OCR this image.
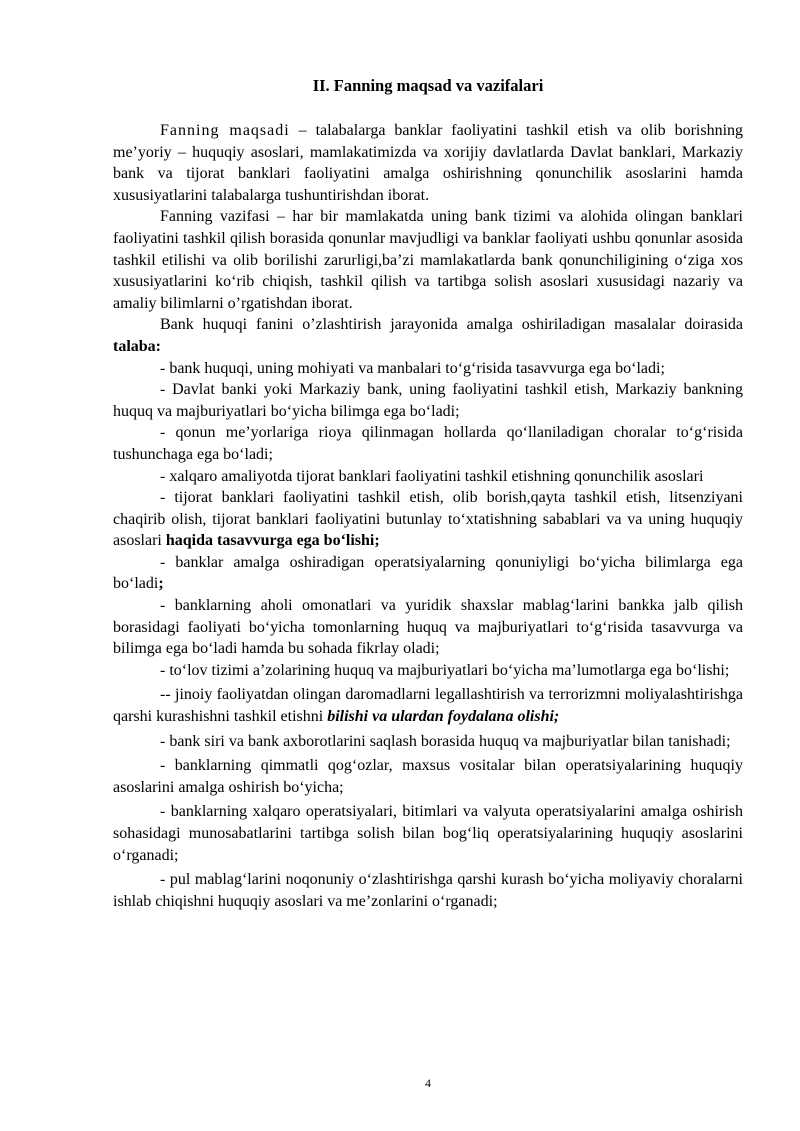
II. Fanning maqsad va vazifalari

Fanning maqsadi – talabalarga banklar faoliyatini tashkil etish va olib borishning me’yoriy – huquqiy asoslari, mamlakatimizda va xorijiy davlatlarda Davlat banklari, Markaziy bank va tijorat banklari faoliyatini amalga oshirishning qonunchilik asoslarini hamda xususiyatlarini talabalarga tushuntirishdan iborat.

Fanning vazifasi – har bir mamlakatda uning bank tizimi va alohida olingan banklari faoliyatini tashkil qilish borasida qonunlar mavjudligi va banklar faoliyati ushbu qonunlar asosida tashkil etilishi va olib borilishi zarurligi,ba’zi mamlakatlarda bank qonunchiligining o‘ziga xos xususiyatlarini ko‘rib chiqish, tashkil qilish va tartibga solish asoslari xususidagi nazariy va amaliy bilimlarni o’rgatishdan iborat.

Bank huquqi fanini o’zlashtirish jarayonida amalga oshiriladigan masalalar doirasida talaba:

- bank huquqi, uning mohiyati va manbalari to‘g‘risida tasavvurga ega bo‘ladi;

- Davlat banki yoki Markaziy bank, uning faoliyatini tashkil etish, Markaziy bankning huquq va majburiyatlari bo‘yicha bilimga ega bo‘ladi;

- qonun me’yorlariga rioya qilinmagan hollarda qo‘llaniladigan choralar to‘g‘risida tushunchaga ega bo‘ladi;

- xalqaro amaliyotda tijorat banklari faoliyatini tashkil etishning qonunchilik asoslari

- tijorat banklari faoliyatini tashkil etish, olib borish,qayta tashkil etish, litsenziyani chaqirib olish, tijorat banklari faoliyatini butunlay to‘xtatishning sabablari va va uning huquqiy asoslari haqida tasavvurga ega bo‘lishi;

- banklar amalga oshiradigan operatsiyalarning qonuniyligi bo‘yicha bilimlarga ega bo‘ladi;

- banklarning aholi omonatlari va yuridik shaxslar mablag‘larini bankka jalb qilish borasidagi faoliyati bo‘yicha tomonlarning huquq va majburiyatlari to‘g‘risida tasavvurga va bilimga ega bo‘ladi hamda bu sohada fikrlay oladi;

- to‘lov tizimi a’zolarining huquq va majburiyatlari bo‘yicha ma’lumotlarga ega bo‘lishi;

-- jinoiy faoliyatdan olingan daromadlarni legallashtirish va terrorizmni moliyalashtirishga qarshi kurashishni tashkil etishni bilishi va ulardan foydalana olishi;

- bank siri va bank axborotlarini saqlash borasida huquq va majburiyatlar bilan tanishadi;

- banklarning qimmatli qog‘ozlar, maxsus vositalar bilan operatsiyalarining huquqiy asoslarini amalga oshirish bo‘yicha;

- banklarning xalqaro operatsiyalari, bitimlari va valyuta operatsiyalarini amalga oshirish sohasidagi munosabatlarini tartibga solish bilan bog‘liq operatsiyalarining huquqiy asoslarini o‘rganadi;

- pul mablag‘larini noqonuniy o‘zlashtirishga qarshi kurash bo‘yicha moliyaviy choralarni ishlab chiqishni huquqiy asoslari va me’zonlarini o‘rganadi;

4
